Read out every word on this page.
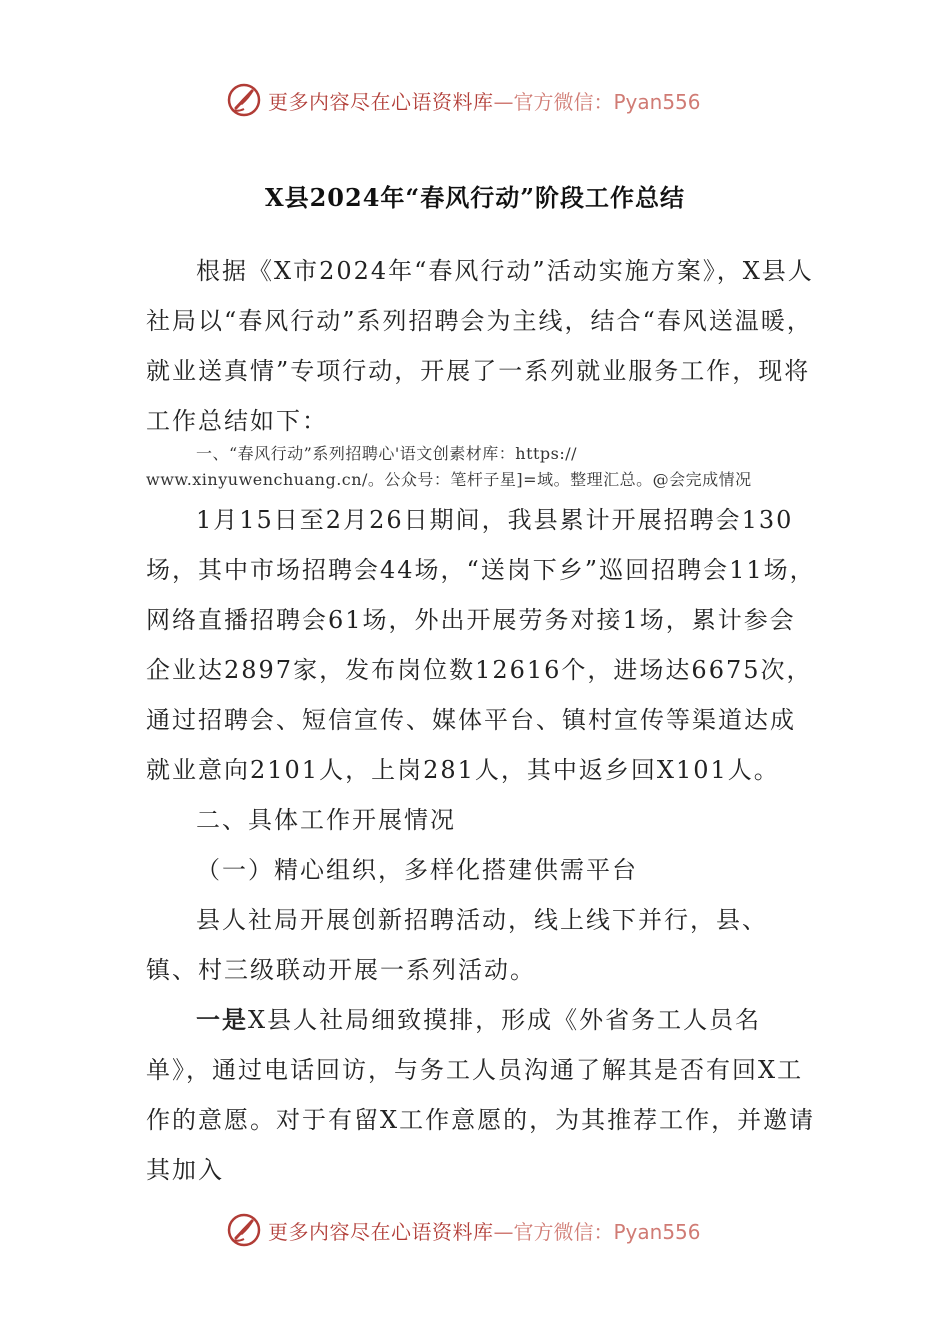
更多内容尽在心语资料库 —官方微信：Pyan556
X县2024年“春风行动”阶段工作总结

根据《X市2024年“春风行动”活动实施方案》，X县人社局以“春风行动”系列招聘会为主线，结合“春风送温暖，就业送真情”专项行动，开展了一系列就业服务工作，现将工作总结如下：

一、“春风行动”系列招聘心'语文创素材库：https://

www.xinyuwenchuang.cn/。公众号：笔杆子星]=域。整理汇总。@会完成情况

1月15日至2月26日期间，我县累计开展招聘会130场，其中市场招聘会44场，“送岗下乡”巡回招聘会11场，网络直播招聘会61场，外出开展劳务对接1场，累计参会企业达2897家，发布岗位数12616个，进场达6675次，通过招聘会、短信宣传、媒体平台、镇村宣传等渠道达成就业意向2101人，上岗281人，其中返乡回X101人。

二、具体工作开展情况

（一）精心组织，多样化搭建供需平台

县人社局开展创新招聘活动，线上线下并行，县、镇、村三级联动开展一系列活动。

一是X县人社局细致摸排，形成《外省务工人员名单》，通过电话回访，与务工人员沟通了解其是否有回X工作的意愿。对于有留X工作意愿的，为其推荐工作，并邀请其加入

更多内容尽在心语资料库 —官方微信：Pyan556
